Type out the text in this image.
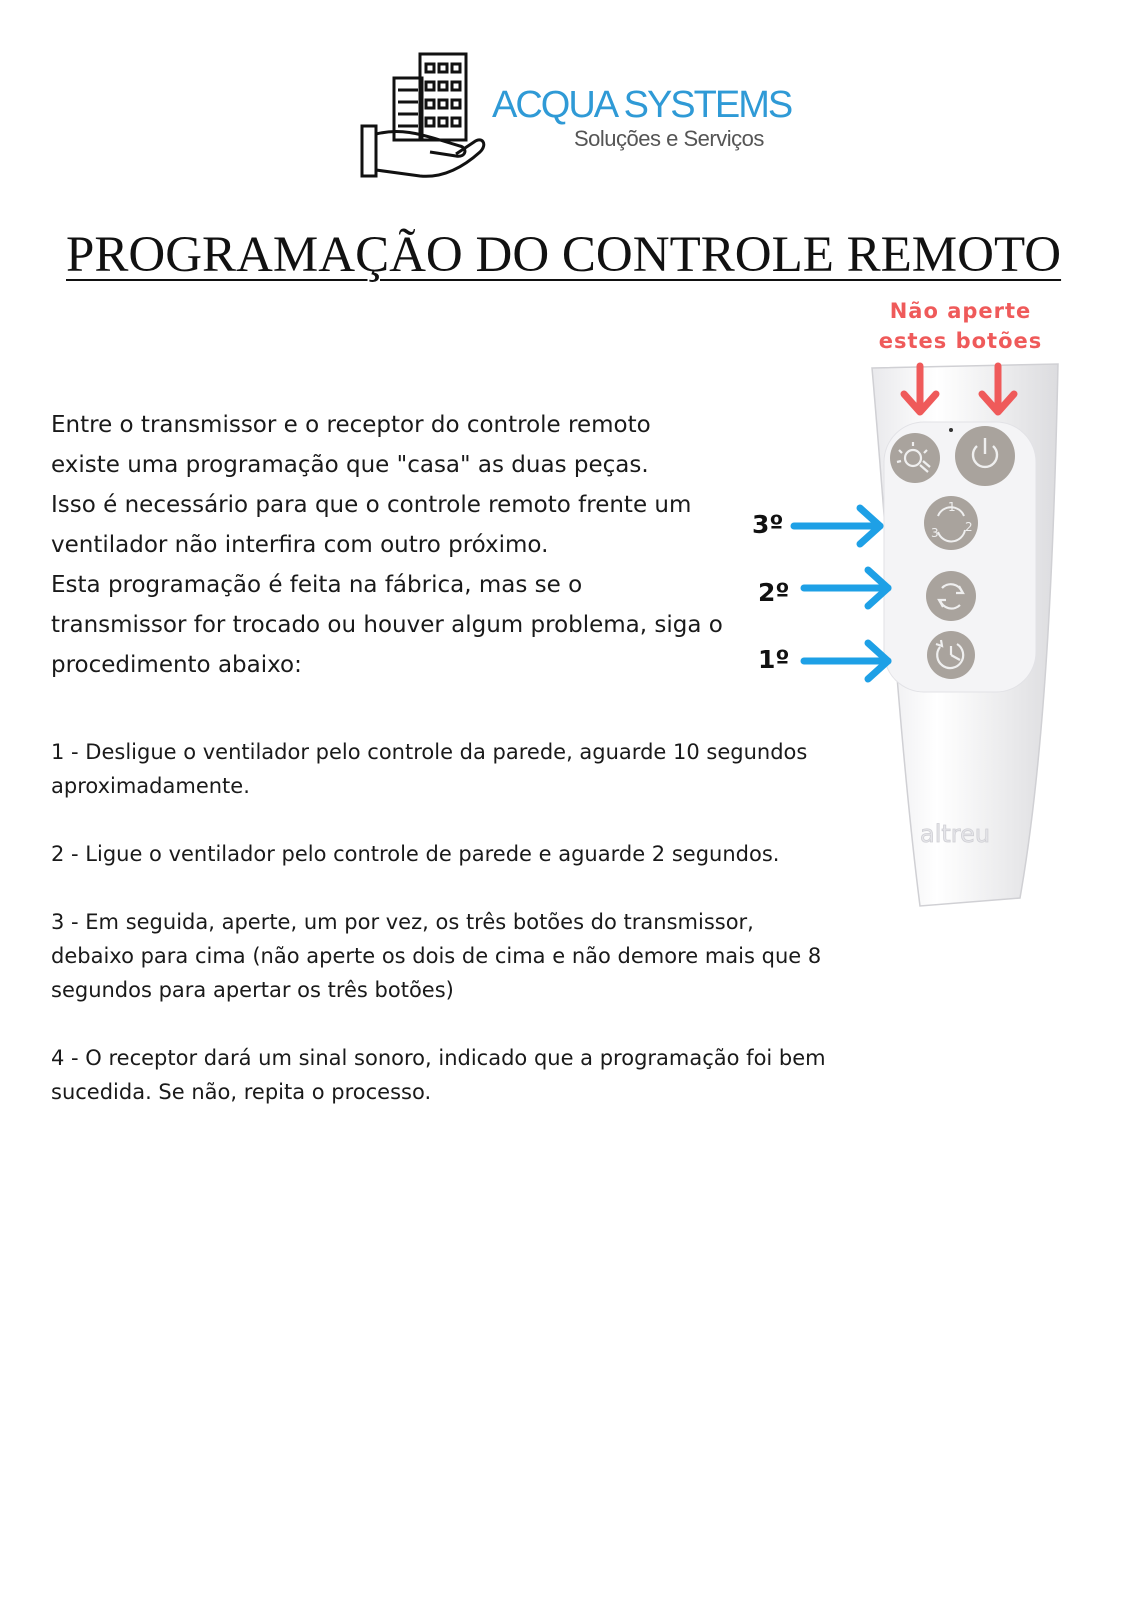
ACQUA SYSTEMS
Soluções e Serviços
PROGRAMAÇÃO DO CONTROLE REMOTO

Entre o transmissor e o receptor do controle remoto

existe uma programação que "casa" as duas peças.

Isso é necessário para que o controle remoto frente um

ventilador não interfira com outro próximo.

Esta programação é feita na fábrica, mas se o

transmissor for trocado ou houver algum problema, siga o

procedimento abaixo:

1 - Desligue o ventilador pelo controle da parede, aguarde 10 segundos aproximadamente.

2 - Ligue o ventilador pelo controle de parede e aguarde 2 segundos.

3 - Em seguida, aperte, um por vez, os três botões do transmissor, debaixo para cima (não aperte os dois de cima e não demore mais que 8 segundos para apertar os três botões)

4 - O receptor dará um sinal sonoro, indicado que a programação foi bem sucedida. Se não, repita o processo.

Não aperte
estes botões
3º
2º
1º
1
2
3
altreu
